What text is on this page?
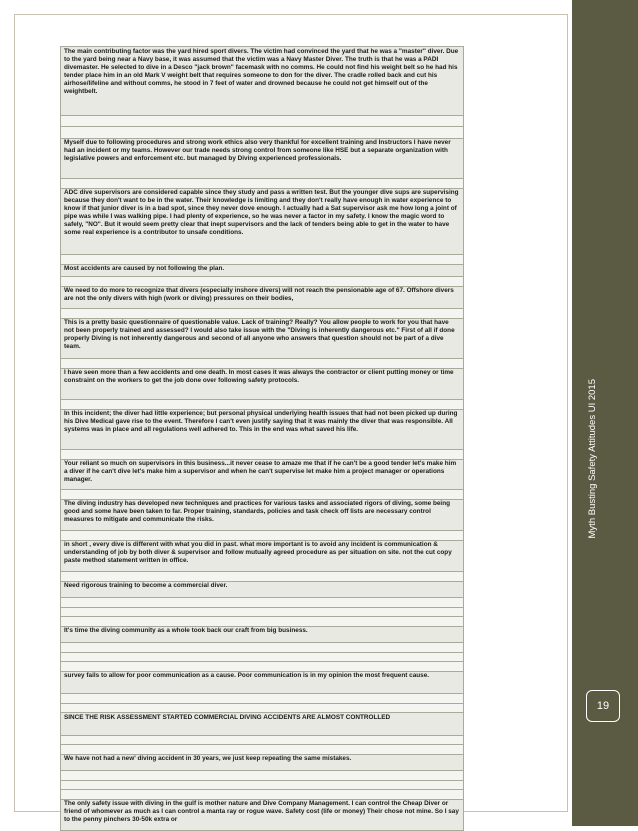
The main contributing factor was the yard hired sport divers. The victim had convinced the yard that he was a "master" diver. Due to the yard being near a Navy base, it was assumed that the victim was a Navy Master Diver. The truth is that he was a PADI divemaster. He selected to dive in a Desco "jack brown" facemask with no comms. He could not find his weight belt so he had his tender place him in an old Mark V weight belt that requires someone to don for the diver. The cradle rolled back and cut his airhose/lifeline and without comms, he stood in 7 feet of water and drowned because he could not get himself out of the weightbelt.

Myself due to following procedures and strong work ethics also very thankful for excellent training and Instructors I have never had an incident or my teams. However our trade needs strong control from someone like HSE but a separate organization with legislative powers and enforcement etc. but managed by Diving experienced professionals.

ADC dive supervisors are considered capable since they study and pass a written test. But the younger dive sups are supervising because they don't want to be in the water. Their knowledge is limiting and they don't really have enough in water experience to know if that junior diver is in a bad spot, since they never dove enough. I actually had a Sat supervisor ask me how long a joint of pipe was while I was walking pipe. I had plenty of experience, so he was never a factor in my safety. I know the magic word to safely, "NO". But it would seem pretty clear that inept supervisors and the lack of tenders being able to get in the water to have some real experience is a contributor to unsafe conditions.

Most accidents are caused by not following the plan.

We need to do more to recognize that divers (especially inshore divers) will not reach the pensionable age of 67. Offshore divers are not the only divers with high (work or diving) pressures on their bodies,

This is a pretty basic questionnaire of questionable value. Lack of training? Really? You allow people to work for you that have not been properly trained and assessed? I would also take issue with the "Diving is inherently dangerous etc." First of all if done properly Diving is not inherently dangerous and second of all anyone who answers that question should not be part of a dive team.

I have seen more than a few accidents and one death. In most cases it was always the contractor or client putting money or time constraint on the workers to get the job done over following safety protocols.

In this incident; the diver had little experience; but personal physical underlying health issues that had not been picked up during his Dive Medical gave rise to the event. Therefore I can't even justify saying that it was mainly the diver that was responsible. All systems was in place and all regulations well adhered to. This in the end was what saved his life.

Your reliant so much on supervisors in this business...it never cease to amaze me that if he can't be a good tender let's make him a diver if he can't dive let's make him a supervisor and when he can't supervise let make him a project manager or operations manager.

The diving industry has developed new techniques and practices for various tasks and associated rigors of diving, some being good and some have been taken to far. Proper training, standards, policies and task check off lists are necessary control measures to mitigate and communicate the risks.

in short , every dive is different with what you did in past. what more important is to avoid any incident is communication & understanding of job by both diver & supervisor and follow mutually agreed procedure as per situation on site. not the cut copy paste method statement written in office.

Need rigorous training to become a commercial diver.

It's time the diving community as a whole took back our craft from big business.

survey fails to allow for poor communication as a cause. Poor communication is in my opinion the most frequent cause.

SINCE THE RISK ASSESSMENT STARTED COMMERCIAL DIVING ACCIDENTS ARE ALMOST CONTROLLED

We have not had a new' diving accident in 30 years, we just keep repeating the same mistakes.

The only safety issue with diving in the gulf is mother nature and Dive Company Management. I can control the Cheap Diver or friend of whomever as much as I can control a manta ray or rogue wave. Safety cost (life or money) Their chose not mine. So I say to the penny pinchers 30-50k extra or
Myth Busting Safety Attitudes UI 2015
19
